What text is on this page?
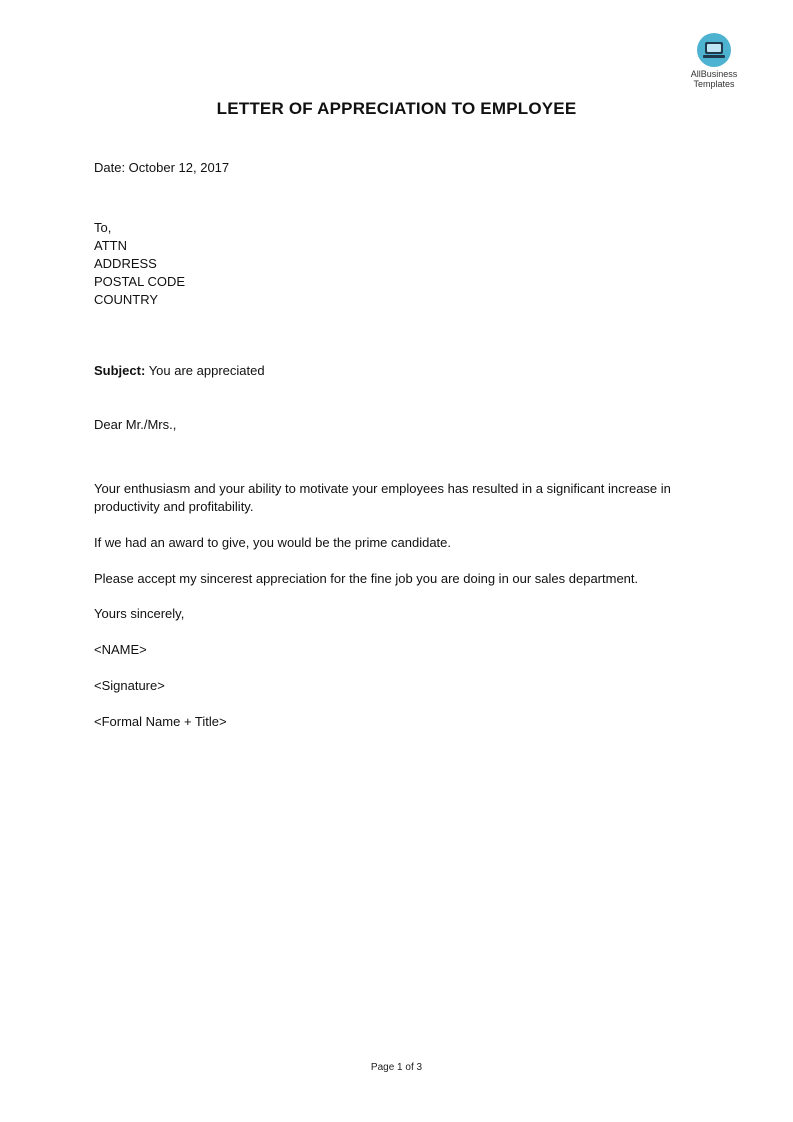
AllBusiness
Templates
LETTER OF APPRECIATION TO EMPLOYEE
Date: October 12, 2017
To,
ATTN
ADDRESS
POSTAL CODE
COUNTRY
Subject: You are appreciated
Dear Mr./Mrs.,
Your enthusiasm and your ability to motivate your employees has resulted in a significant increase in productivity and profitability.
If we had an award to give, you would be the prime candidate.
Please accept my sincerest appreciation for the fine job you are doing in our sales department.
Yours sincerely,
<NAME>
<Signature>
<Formal Name + Title>
Page 1 of 3
